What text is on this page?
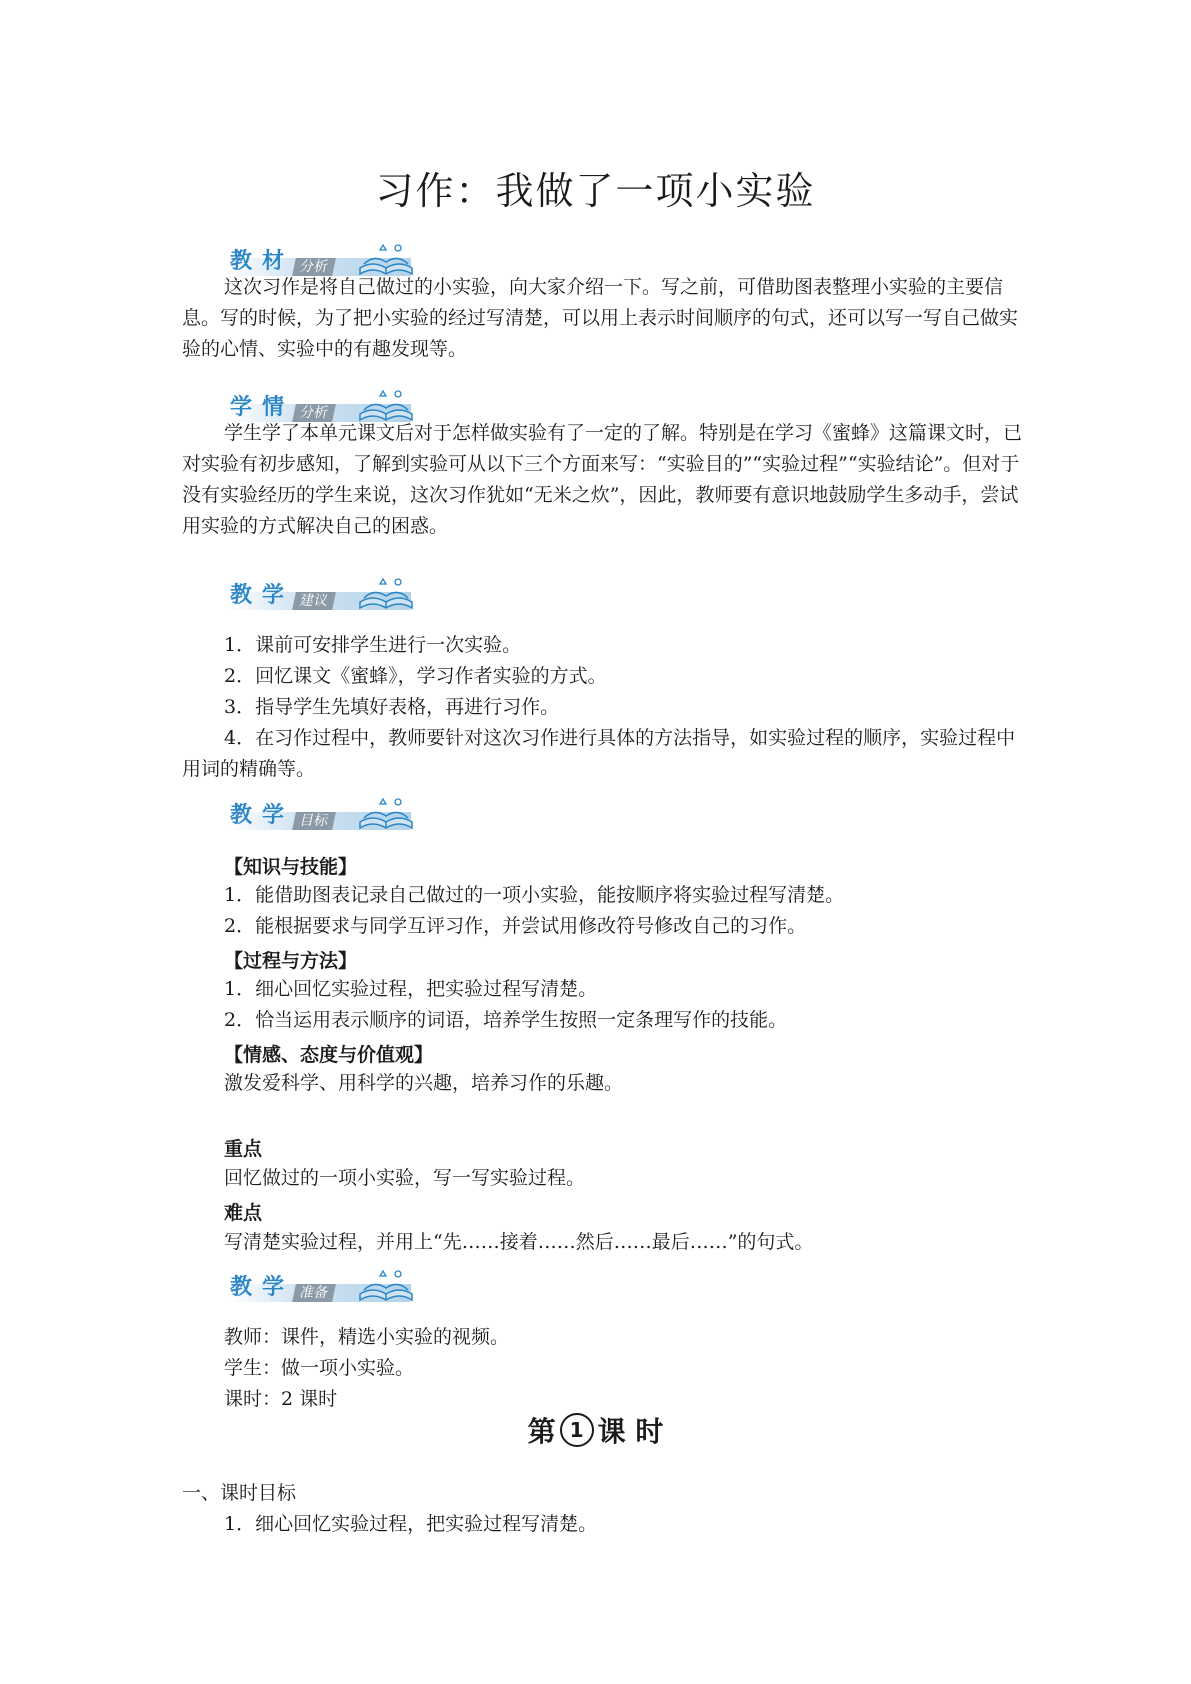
习作：我做了一项小实验
教 材	分析

这次习作是将自己做过的小实验，向大家介绍一下。写之前，可借助图表整理小实验的主要信息。写的时候，为了把小实验的经过写清楚，可以用上表示时间顺序的句式，还可以写一写自己做实验的心情、实验中的有趣发现等。

学 情	分析

学生学了本单元课文后对于怎样做实验有了一定的了解。特别是在学习《蜜蜂》这篇课文时，已对实验有初步感知，了解到实验可从以下三个方面来写：“实验目的”“实验过程”“实验结论”。但对于没有实验经历的学生来说，这次习作犹如“无米之炊”，因此，教师要有意识地鼓励学生多动手，尝试用实验的方式解决自己的困惑。

教 学	建议
1．课前可安排学生进行一次实验。
2．回忆课文《蜜蜂》，学习作者实验的方式。
3．指导学生先填好表格，再进行习作。

4．在习作过程中，教师要针对这次习作进行具体的方法指导，如实验过程的顺序，实验过程中用词的精确等。

教 学	目标
【知识与技能】
1．能借助图表记录自己做过的一项小实验，能按顺序将实验过程写清楚。
2．能根据要求与同学互评习作，并尝试用修改符号修改自己的习作。
【过程与方法】
1．细心回忆实验过程，把实验过程写清楚。
2．恰当运用表示顺序的词语，培养学生按照一定条理写作的技能。
【情感、态度与价值观】
激发爱科学、用科学的兴趣，培养习作的乐趣。
重点
回忆做过的一项小实验，写一写实验过程。
难点
写清楚实验过程，并用上“先……接着……然后……最后……”的句式。
教 学	准备
教师：课件，精选小实验的视频。
学生：做一项小实验。
课时：2 课时
第 1 课 时
一、课时目标
1．细心回忆实验过程，把实验过程写清楚。
